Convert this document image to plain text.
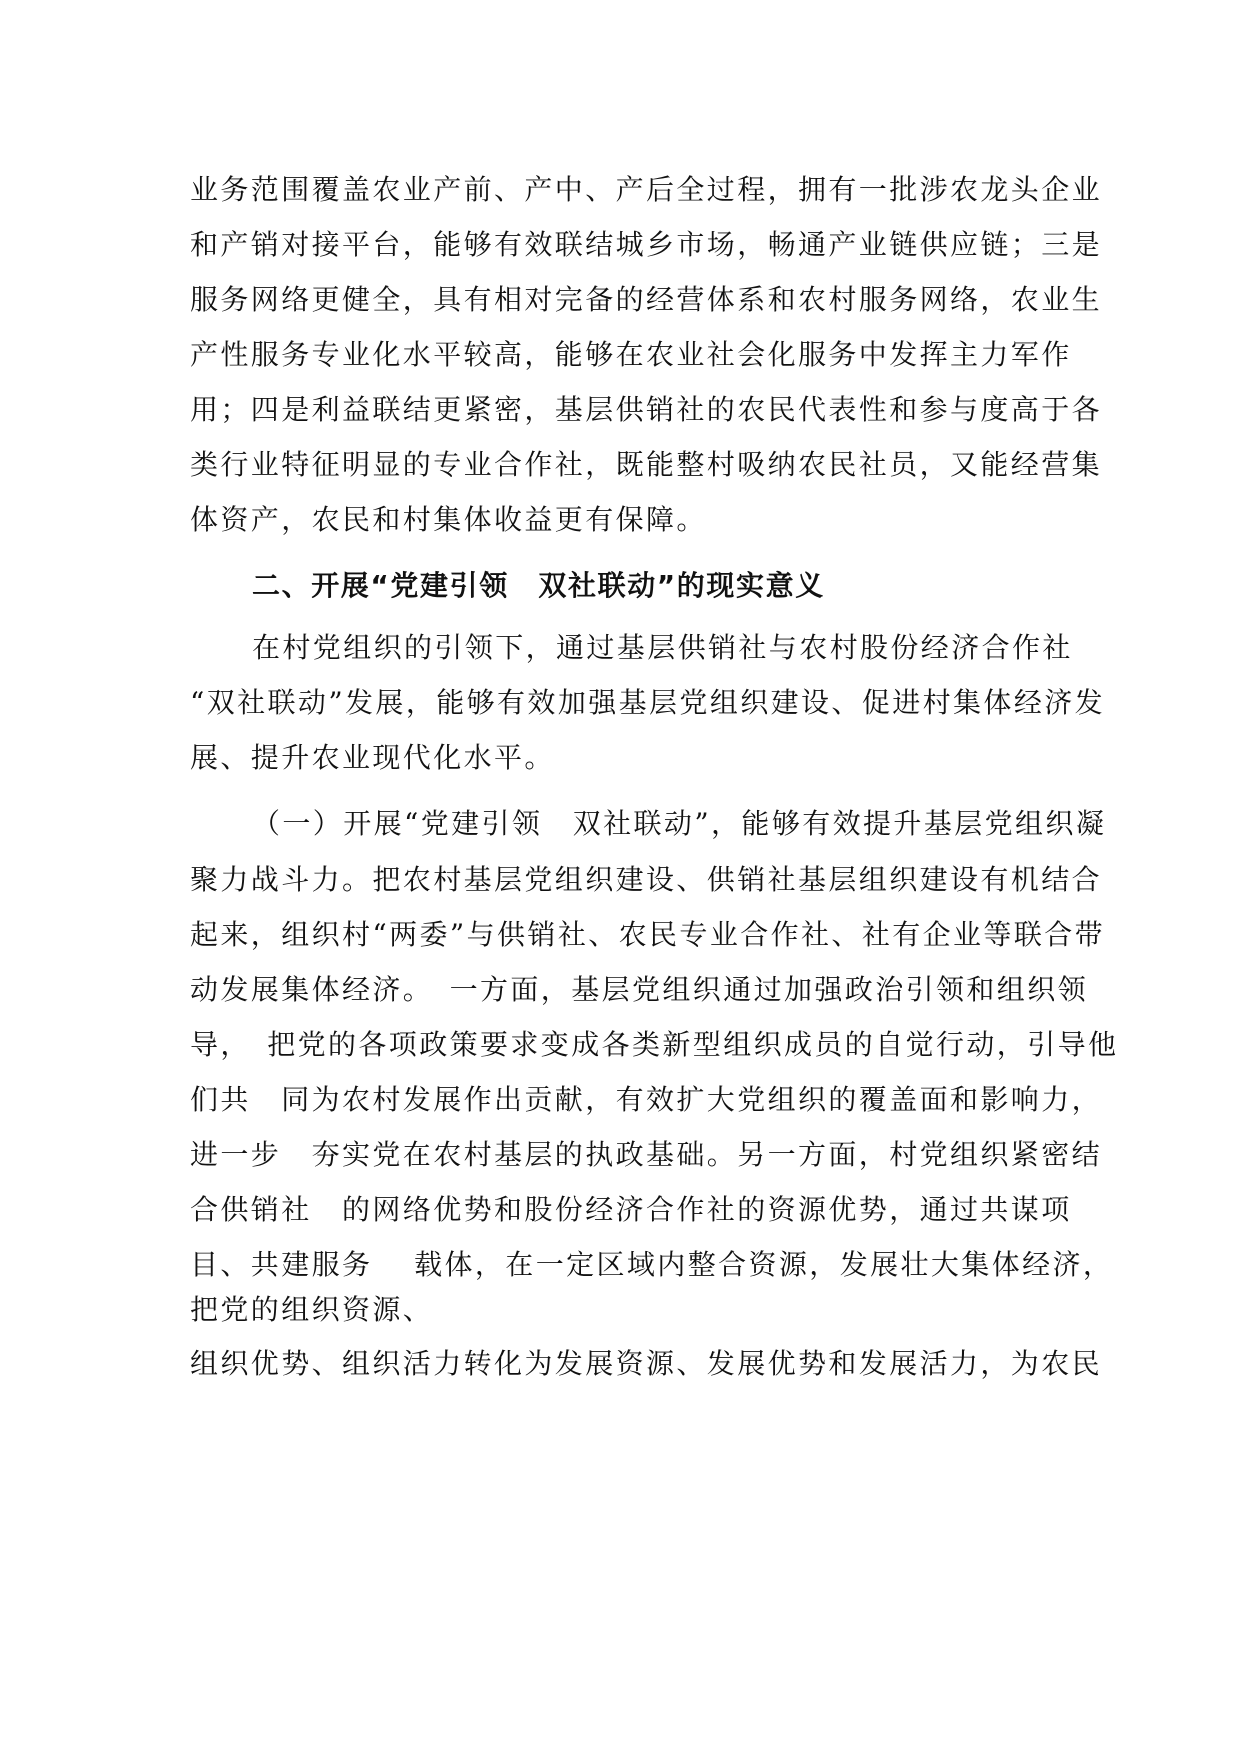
业务范围覆盖农业产前、产中、产后全过程，拥有一批涉农龙头企业
和产销对接平台，能够有效联结城乡市场，畅通产业链供应链；三是
服务网络更健全，具有相对完备的经营体系和农村服务网络，农业生
产性服务专业化水平较高，能够在农业社会化服务中发挥主力军作
用；四是利益联结更紧密，基层供销社的农民代表性和参与度高于各
类行业特征明显的专业合作社，既能整村吸纳农民社员，又能经营集
体资产，农民和村集体收益更有保障。
二、开展“党建引领　双社联动”的现实意义
在村党组织的引领下，通过基层供销社与农村股份经济合作社
“双社联动”发展，能够有效加强基层党组织建设、促进村集体经济发
展、提升农业现代化水平。
（一）开展“党建引领　双社联动”，能够有效提升基层党组织凝
聚力战斗力。把农村基层党组织建设、供销社基层组织建设有机结合
起来，组织村“两委”与供销社、农民专业合作社、社有企业等联合带
动发展集体经济。　一方面，基层党组织通过加强政治引领和组织领
导，　把党的各项政策要求变成各类新型组织成员的自觉行动，引导他
们共　同为农村发展作出贡献，有效扩大党组织的覆盖面和影响力，
进一步　夯实党在农村基层的执政基础。另一方面，村党组织紧密结
合供销社　的网络优势和股份经济合作社的资源优势，通过共谋项
目、共建服务　 载体，在一定区域内整合资源，发展壮大集体经济，
把党的组织资源、
组织优势、组织活力转化为发展资源、发展优势和发展活力，为农民
